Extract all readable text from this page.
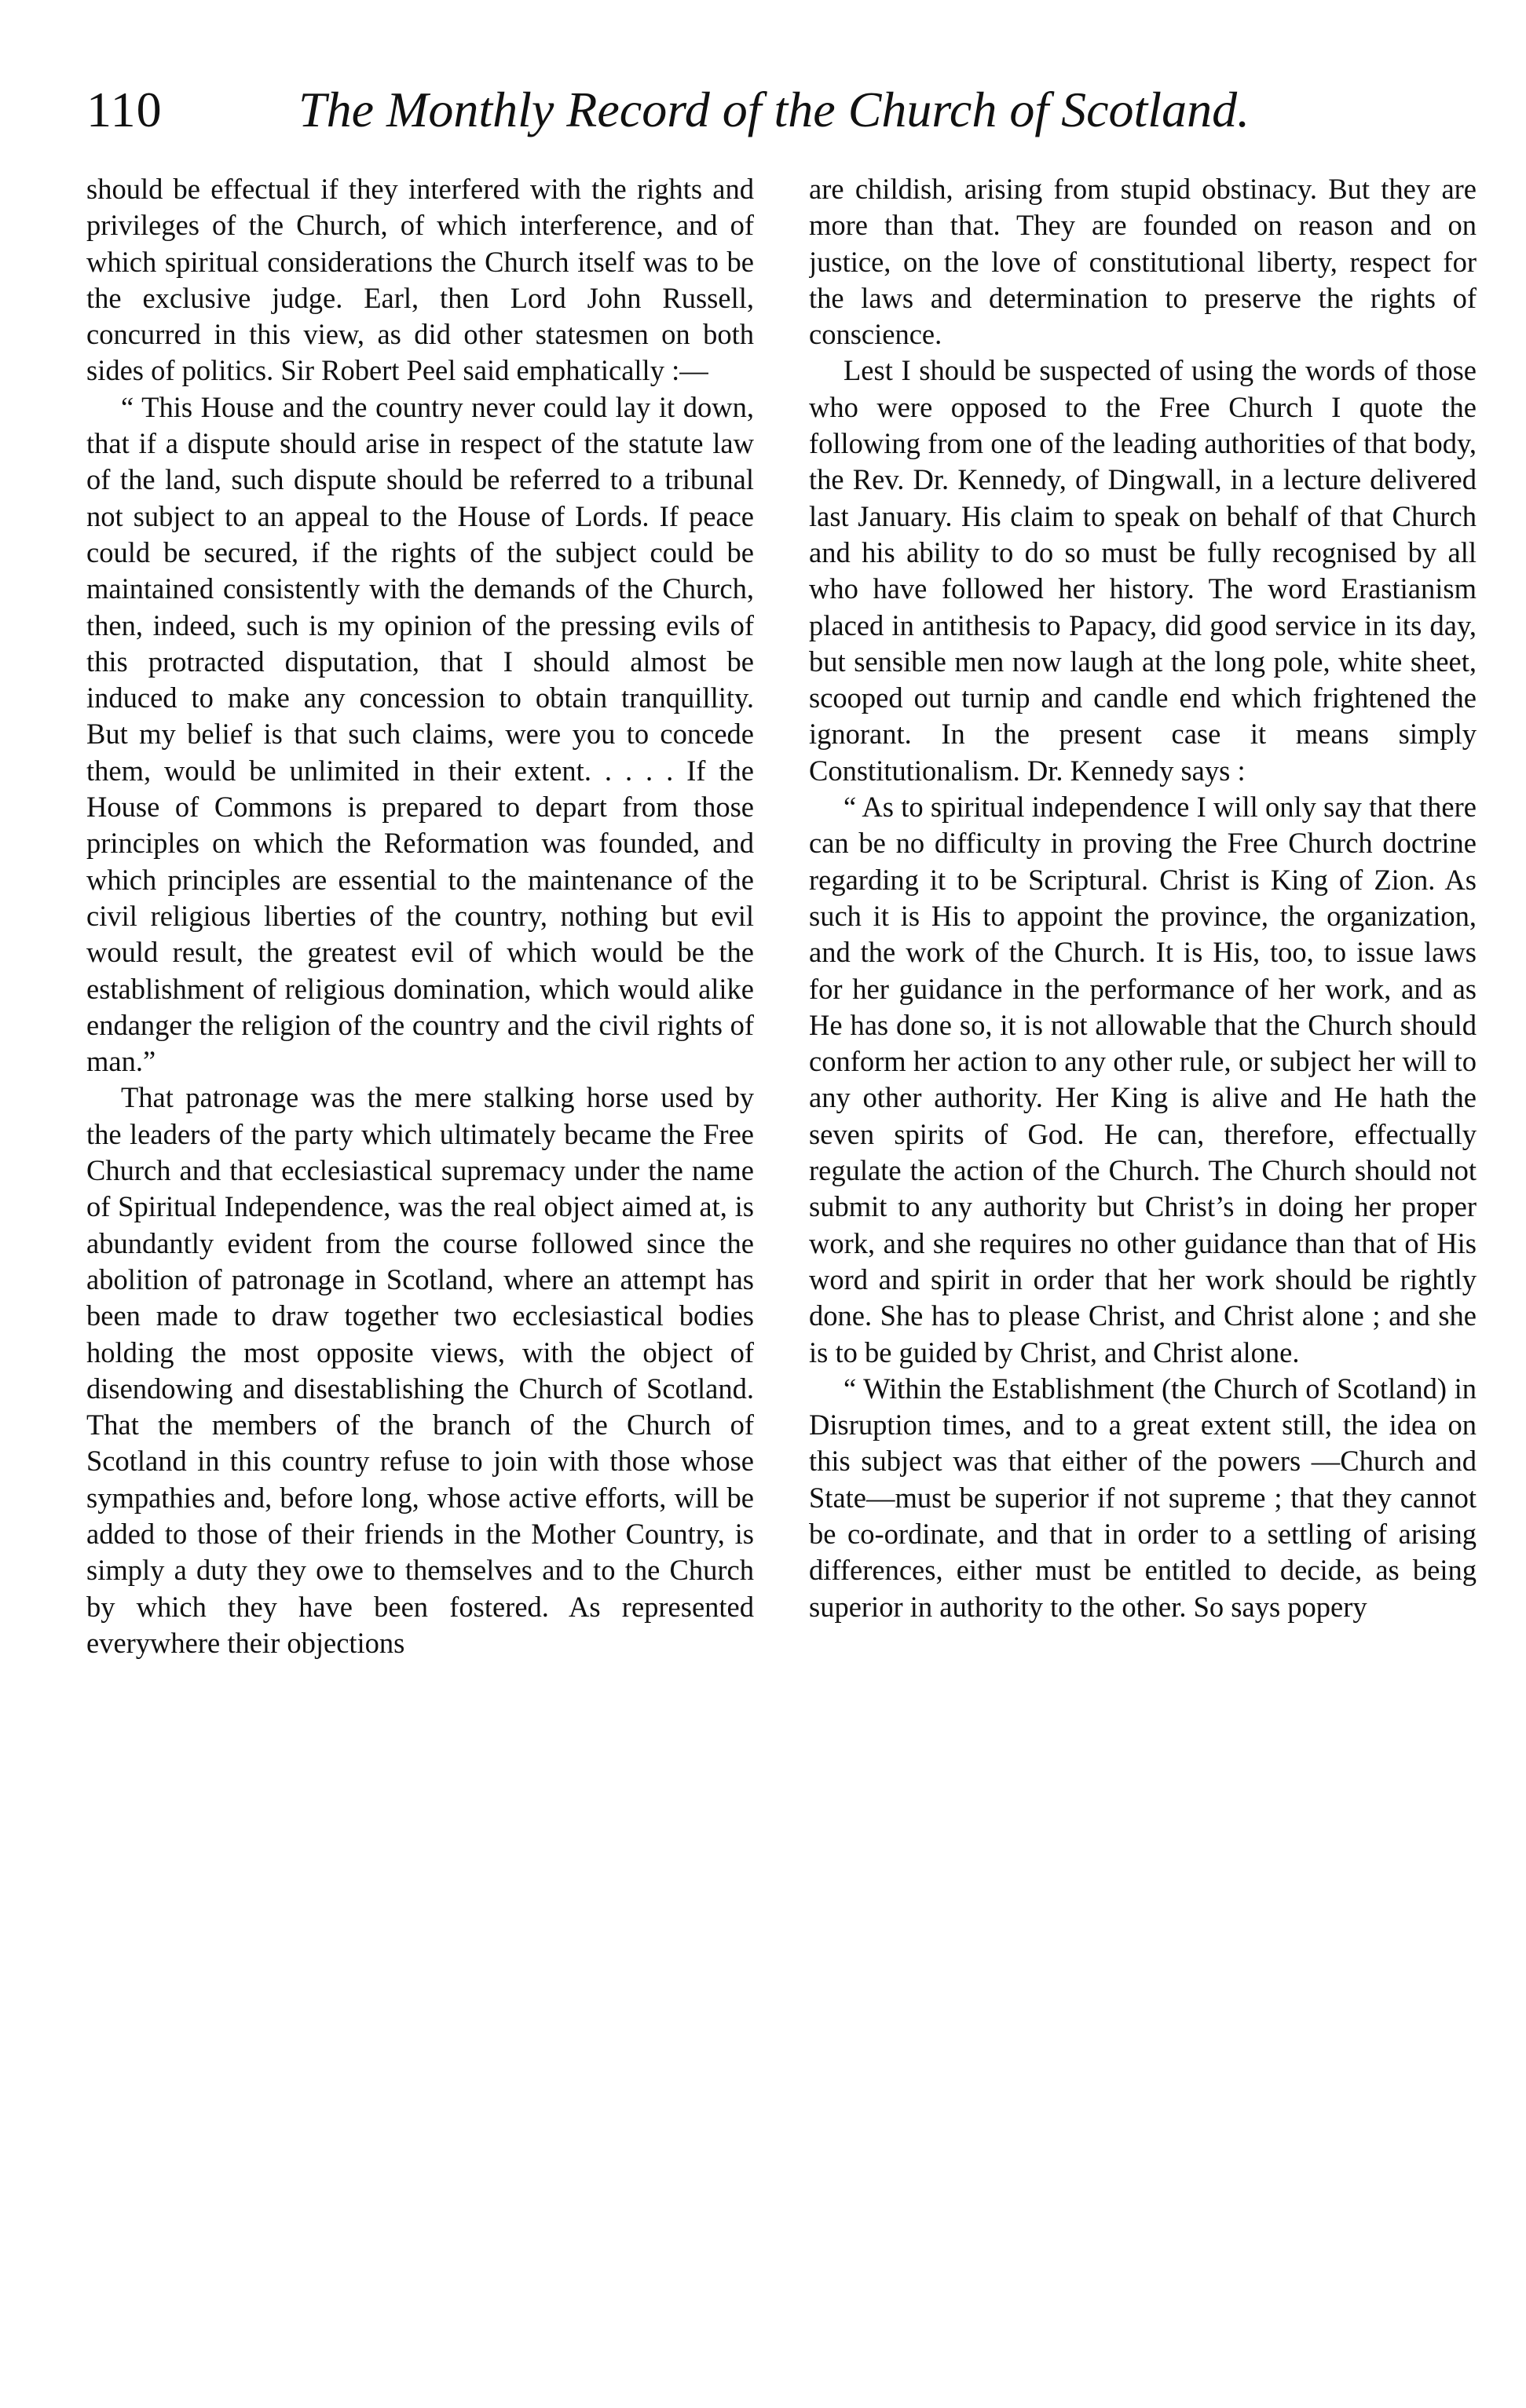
110	The Monthly Record of the Church of Scotland.

should be effectual if they interfered with the rights and privileges of the Church, of which interference, and of which spiritual considerations the Church itself was to be the exclusive judge. Earl, then Lord John Russell, concurred in this view, as did other statesmen on both sides of politics. Sir Robert Peel said emphatically :—

“ This House and the country never could lay it down, that if a dispute should arise in respect of the statute law of the land, such dispute should be referred to a tribunal not subject to an appeal to the House of Lords. If peace could be secured, if the rights of the subject could be maintained consistently with the demands of the Church, then, indeed, such is my opinion of the pressing evils of this protracted disputation, that I should almost be induced to make any concession to obtain tranquillity. But my belief is that such claims, were you to concede them, would be unlimited in their extent. . . . . If the House of Commons is prepared to depart from those principles on which the Reformation was founded, and which principles are essential to the maintenance of the civil religious liberties of the country, nothing but evil would result, the greatest evil of which would be the establishment of religious domination, which would alike endanger the religion of the country and the civil rights of man.”

That patronage was the mere stalking horse used by the leaders of the party which ultimately became the Free Church and that ecclesiastical supremacy under the name of Spiritual Independence, was the real object aimed at, is abundantly evident from the course followed since the abolition of patronage in Scotland, where an attempt has been made to draw together two ecclesiastical bodies holding the most opposite views, with the object of disendowing and disestablishing the Church of Scotland. That the members of the branch of the Church of Scotland in this country refuse to join with those whose sympathies and, before long, whose active efforts, will be added to those of their friends in the Mother Country, is simply a duty they owe to themselves and to the Church by which they have been fostered. As represented everywhere their objections

are childish, arising from stupid obstinacy. But they are more than that. They are founded on reason and on justice, on the love of constitutional liberty, respect for the laws and determination to preserve the rights of conscience.

Lest I should be suspected of using the words of those who were opposed to the Free Church I quote the following from one of the leading authorities of that body, the Rev. Dr. Kennedy, of Dingwall, in a lecture delivered last January. His claim to speak on behalf of that Church and his ability to do so must be fully recognised by all who have followed her history. The word Erastianism placed in antithesis to Papacy, did good service in its day, but sensible men now laugh at the long pole, white sheet, scooped out turnip and candle end which frightened the ignorant. In the present case it means simply Constitutionalism. Dr. Kennedy says :

“ As to spiritual independence I will only say that there can be no difficulty in proving the Free Church doctrine regarding it to be Scriptural. Christ is King of Zion. As such it is His to appoint the province, the organization, and the work of the Church. It is His, too, to issue laws for her guidance in the performance of her work, and as He has done so, it is not allowable that the Church should conform her action to any other rule, or subject her will to any other authority. Her King is alive and He hath the seven spirits of God. He can, therefore, effectually regulate the action of the Church. The Church should not submit to any authority but Christ’s in doing her proper work, and she requires no other guidance than that of His word and spirit in order that her work should be rightly done. She has to please Christ, and Christ alone ; and she is to be guided by Christ, and Christ alone.

“ Within the Establishment (the Church of Scotland) in Disruption times, and to a great extent still, the idea on this subject was that either of the powers —Church and State—must be superior if not supreme ; that they cannot be co-ordinate, and that in order to a settling of arising differences, either must be entitled to decide, as being superior in authority to the other. So says popery
